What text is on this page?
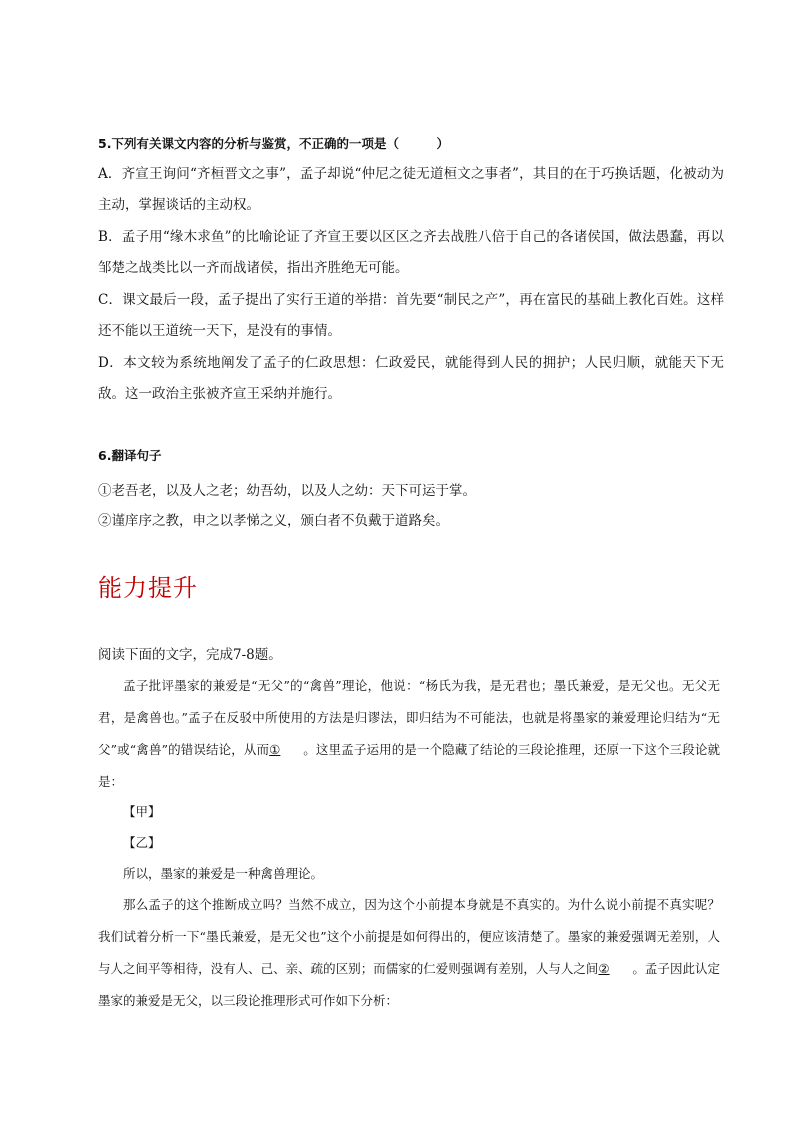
5.下列有关课文内容的分析与鉴赏，不正确的一项是（　　　）
A．齐宣王询问“齐桓晋文之事”，孟子却说“仲尼之徒无道桓文之事者”，其目的在于巧换话题，化被动为主动，掌握谈话的主动权。
B．孟子用“缘木求鱼”的比喻论证了齐宣王要以区区之齐去战胜八倍于自己的各诸侯国，做法愚蠢，再以邹楚之战类比以一齐而战诸侯，指出齐胜绝无可能。
C．课文最后一段，孟子提出了实行王道的举措：首先要“制民之产”，再在富民的基础上教化百姓。这样还不能以王道统一天下，是没有的事情。
D．本文较为系统地阐发了孟子的仁政思想：仁政爱民，就能得到人民的拥护；人民归顺，就能天下无敌。这一政治主张被齐宣王采纳并施行。
6.翻译句子
①老吾老，以及人之老；幼吾幼，以及人之幼：天下可运于掌。
②谨庠序之教，申之以孝悌之义，颁白者不负戴于道路矣。
能力提升
阅读下面的文字，完成7-8题。
孟子批评墨家的兼爱是“无父”的“禽兽”理论，他说：“杨氏为我，是无君也；墨氏兼爱，是无父也。无父无君，是禽兽也。”孟子在反驳中所使用的方法是归谬法，即归结为不可能法，也就是将墨家的兼爱理论归结为“无父”或“禽兽”的错误结论，从而① 。这里孟子运用的是一个隐藏了结论的三段论推理，还原一下这个三段论就是：
【甲】
【乙】
所以，墨家的兼爱是一种禽兽理论。
那么孟子的这个推断成立吗？当然不成立，因为这个小前提本身就是不真实的。为什么说小前提不真实呢？我们试着分析一下“墨氏兼爱，是无父也”这个小前提是如何得出的，便应该清楚了。墨家的兼爱强调无差别，人与人之间平等相待，没有人、己、亲、疏的区别；而儒家的仁爱则强调有差别，人与人之间② 。孟子因此认定墨家的兼爱是无父，以三段论推理形式可作如下分析：
